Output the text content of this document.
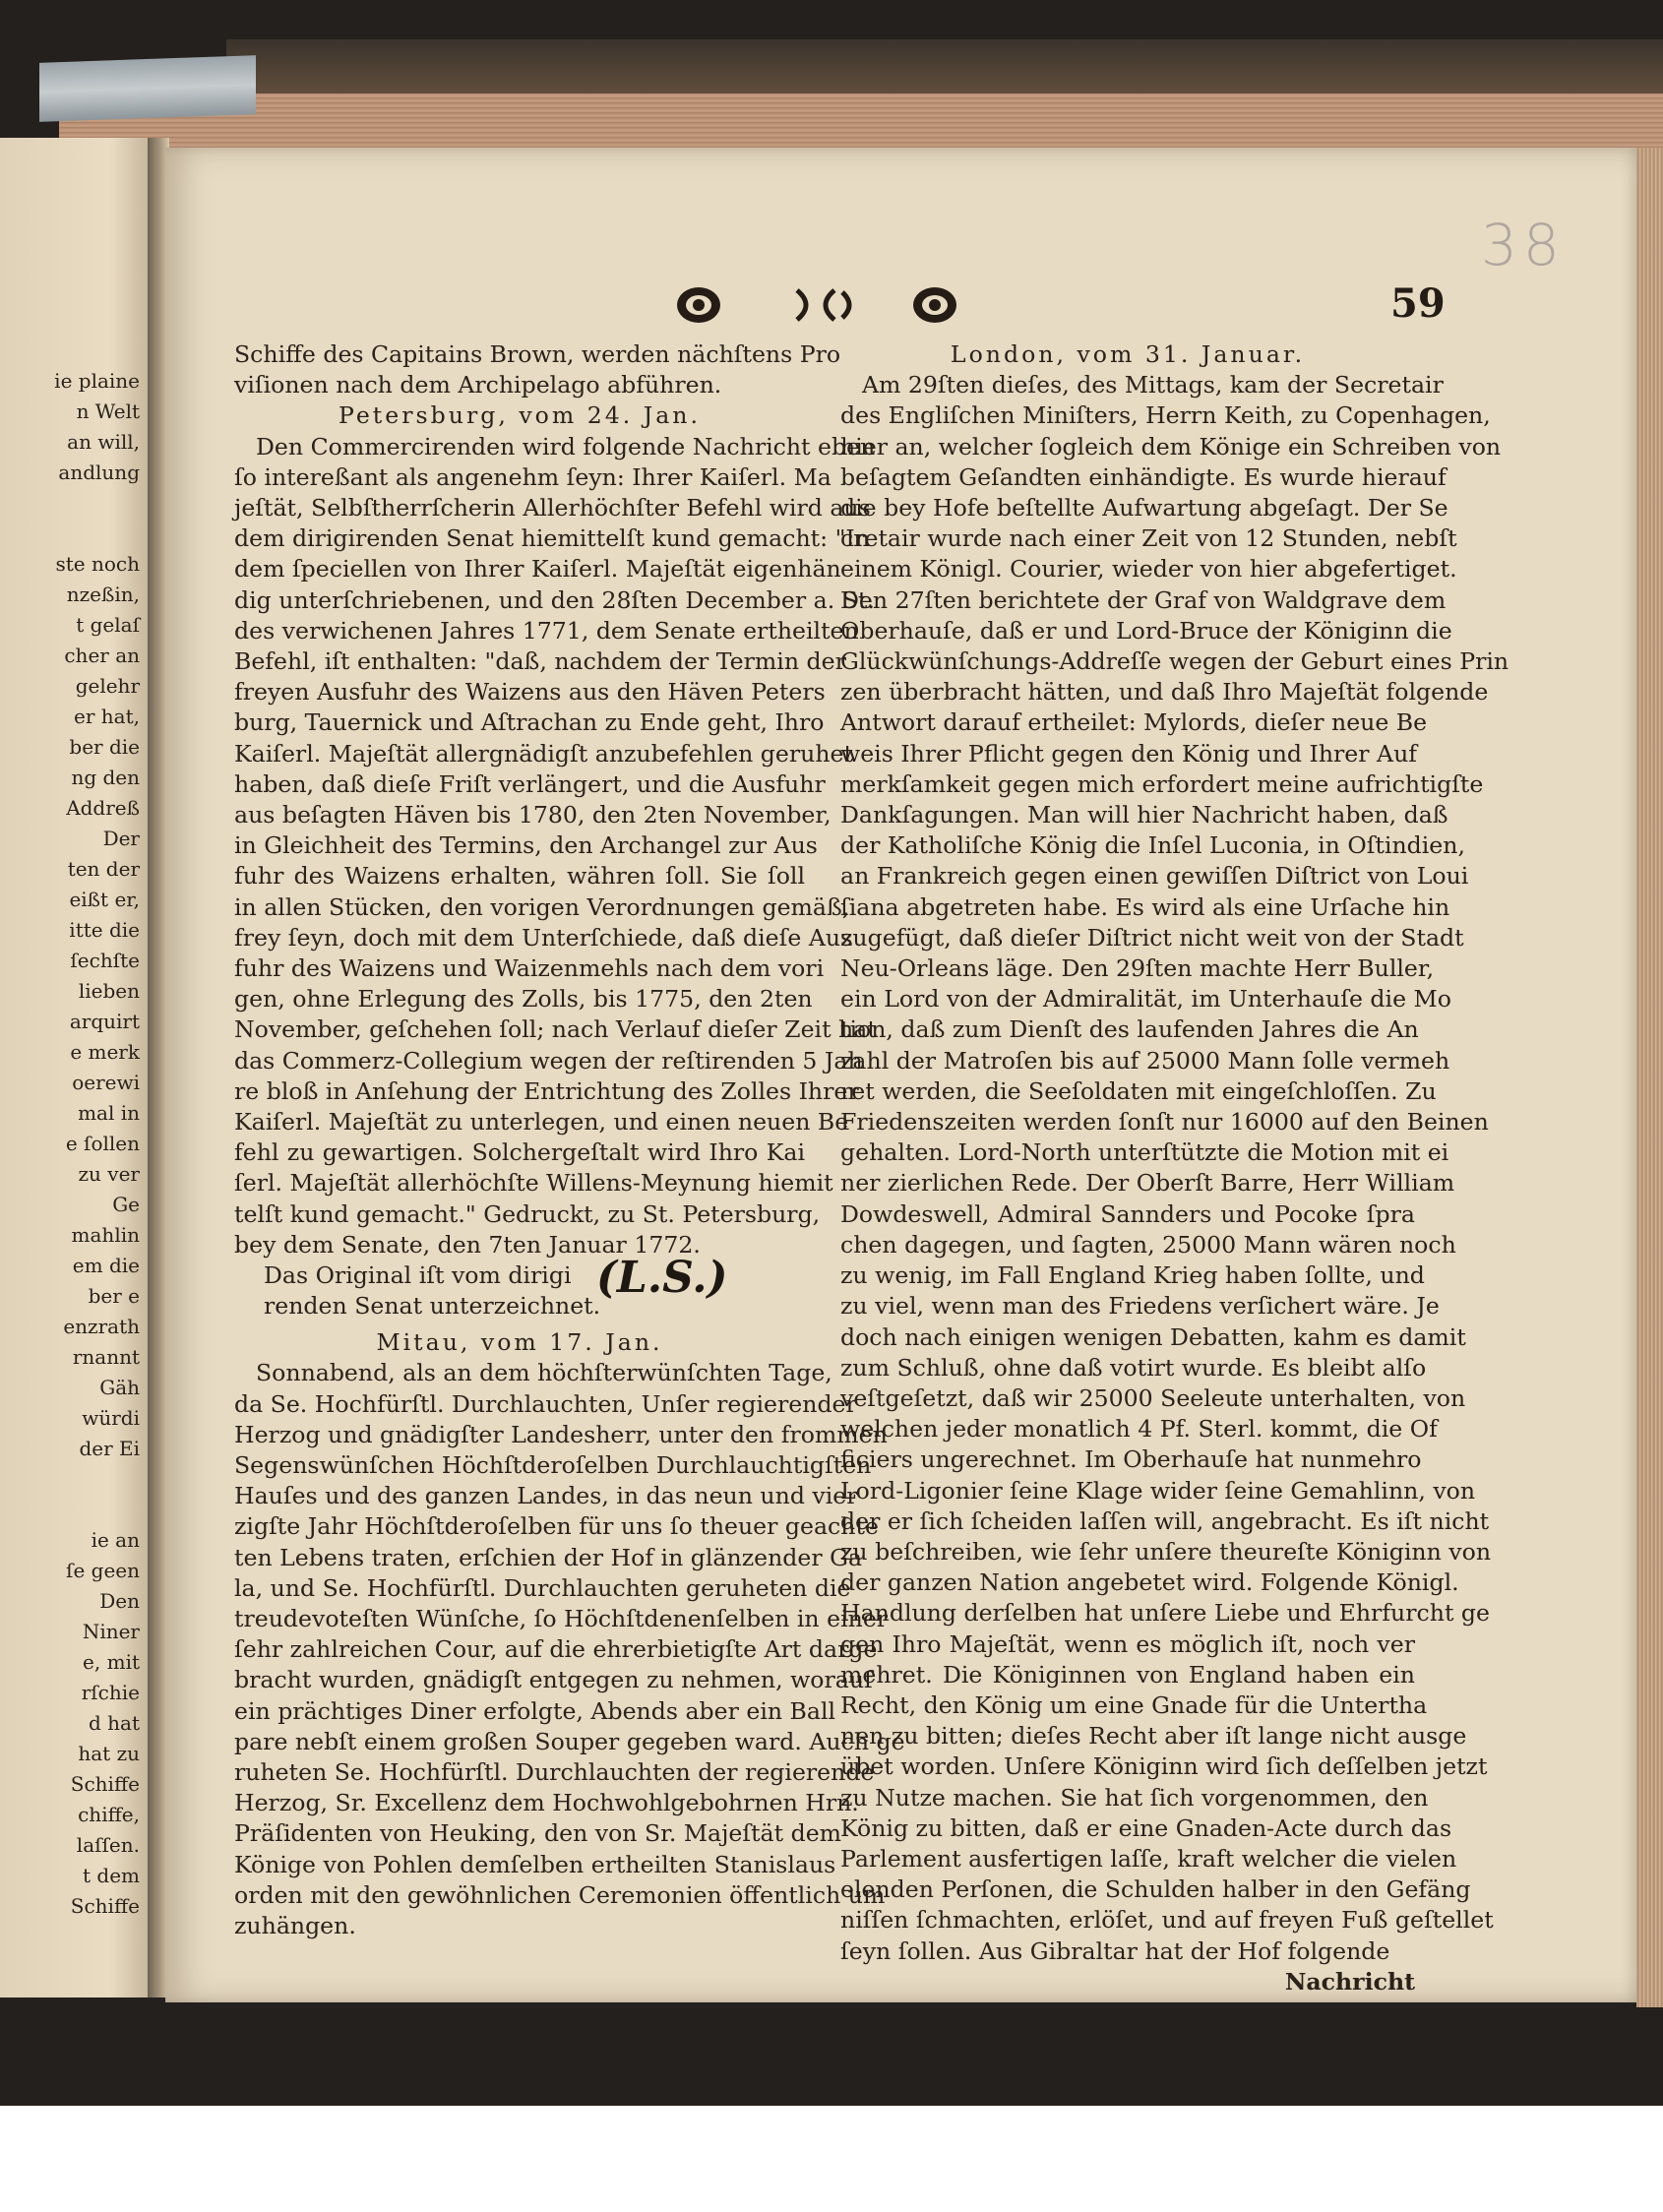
ie plaine
n Welt
an will,
andlung
ste noch
nzeßin,
t gelaſ
cher an
gelehr
er hat,
ber die
ng den
Addreß
Der
ten der
eißt er,
itte die
ſechſte
lieben
arquirt
e merk
oerewi
mal in
e ſollen
zu ver
Ge
mahlin
em die
ber e
enzrath
rnannt
Gäh
würdi
der Ei
ie an
ſe geen
Den
Niner
e, mit
rſchie
d hat
hat zu
Schiffe
chiffe,
laſſen.
t dem
Schiffe
38
59
Schiffe des Capitains Brown, werden nächſtens Pro
viſionen nach dem Archipelago abführen.
Petersburg, vom 24. Jan.
Den Commercirenden wird folgende Nachricht eben
ſo intereßant als angenehm ſeyn: Ihrer Kaiſerl. Ma
jeſtät, Selbſtherrſcherin Allerhöchſter Befehl wird aus
dem dirigirenden Senat hiemittelſt kund gemacht: "In
dem ſpeciellen von Ihrer Kaiſerl. Majeſtät eigenhän
dig unterſchriebenen, und den 28ſten December a. St.
des verwichenen Jahres 1771, dem Senate ertheilten
Befehl, iſt enthalten: "daß, nachdem der Termin der
freyen Ausfuhr des Waizens aus den Häven Peters
burg, Tauernick und Aſtrachan zu Ende geht, Ihro
Kaiſerl. Majeſtät allergnädigſt anzubefehlen geruhet
haben, daß dieſe Friſt verlängert, und die Ausfuhr
aus beſagten Häven bis 1780, den 2ten November,
in Gleichheit des Termins, den Archangel zur Aus
fuhr des Waizens erhalten, währen ſoll. Sie ſoll
in allen Stücken, den vorigen Verordnungen gemäß,
frey ſeyn, doch mit dem Unterſchiede, daß dieſe Aus
fuhr des Waizens und Waizenmehls nach dem vori
gen, ohne Erlegung des Zolls, bis 1775, den 2ten
November, geſchehen ſoll; nach Verlauf dieſer Zeit hat
das Commerz-Collegium wegen der reſtirenden 5 Jah
re bloß in Anſehung der Entrichtung des Zolles Ihrer
Kaiſerl. Majeſtät zu unterlegen, und einen neuen Be
fehl zu gewartigen. Solchergeſtalt wird Ihro Kai
ſerl. Majeſtät allerhöchſte Willens-Meynung hiemit
telſt kund gemacht." Gedruckt, zu St. Petersburg,
bey dem Senate, den 7ten Januar 1772.
Das Original iſt vom dirigi
renden Senat unterzeichnet.
(L.S.)
Mitau, vom 17. Jan.
Sonnabend, als an dem höchſterwünſchten Tage,
da Se. Hochfürſtl. Durchlauchten, Unſer regierender
Herzog und gnädigſter Landesherr, unter den frommen
Segenswünſchen Höchſtderoſelben Durchlauchtigſten
Hauſes und des ganzen Landes, in das neun und vier
zigſte Jahr Höchſtderoſelben für uns ſo theuer geachte
ten Lebens traten, erſchien der Hof in glänzender Ga
la, und Se. Hochfürſtl. Durchlauchten geruheten die
treudevoteſten Wünſche, ſo Höchſtdenenſelben in einer
ſehr zahlreichen Cour, auf die ehrerbietigſte Art darge
bracht wurden, gnädigſt entgegen zu nehmen, worauf
ein prächtiges Diner erfolgte, Abends aber ein Ball
pare nebſt einem großen Souper gegeben ward. Auch ge
ruheten Se. Hochfürſtl. Durchlauchten der regierende
Herzog, Sr. Excellenz dem Hochwohlgebohrnen Hrn.
Präſidenten von Heuking, den von Sr. Majeſtät dem
Könige von Pohlen demſelben ertheilten Stanislaus
orden mit den gewöhnlichen Ceremonien öffentlich um
zuhängen.
London, vom 31. Januar.
Am 29ſten dieſes, des Mittags, kam der Secretair
des Engliſchen Miniſters, Herrn Keith, zu Copenhagen,
hier an, welcher ſogleich dem Könige ein Schreiben von
beſagtem Geſandten einhändigte. Es wurde hierauf
die bey Hofe beſtellte Aufwartung abgeſagt. Der Se
cretair wurde nach einer Zeit von 12 Stunden, nebſt
einem Königl. Courier, wieder von hier abgefertiget.
Den 27ſten berichtete der Graf von Waldgrave dem
Oberhauſe, daß er und Lord-Bruce der Königinn die
Glückwünſchungs-Addreſſe wegen der Geburt eines Prin
zen überbracht hätten, und daß Ihro Majeſtät folgende
Antwort darauf ertheilet: Mylords, dieſer neue Be
weis Ihrer Pflicht gegen den König und Ihrer Auf
merkſamkeit gegen mich erfordert meine aufrichtigſte
Dankſagungen. Man will hier Nachricht haben, daß
der Katholiſche König die Inſel Luconia, in Oſtindien,
an Frankreich gegen einen gewiſſen Diſtrict von Loui
ſiana abgetreten habe. Es wird als eine Urſache hin
zugefügt, daß dieſer Diſtrict nicht weit von der Stadt
Neu-Orleans läge. Den 29ſten machte Herr Buller,
ein Lord von der Admiralität, im Unterhauſe die Mo
tion, daß zum Dienſt des laufenden Jahres die An
zahl der Matroſen bis auf 25000 Mann ſolle vermeh
ret werden, die Seeſoldaten mit eingeſchloſſen. Zu
Friedenszeiten werden ſonſt nur 16000 auf den Beinen
gehalten. Lord-North unterſtützte die Motion mit ei
ner zierlichen Rede. Der Oberſt Barre, Herr William
Dowdeswell, Admiral Sannders und Pocoke ſpra
chen dagegen, und ſagten, 25000 Mann wären noch
zu wenig, im Fall England Krieg haben ſollte, und
zu viel, wenn man des Friedens verſichert wäre. Je
doch nach einigen wenigen Debatten, kahm es damit
zum Schluß, ohne daß votirt wurde. Es bleibt alſo
veſtgeſetzt, daß wir 25000 Seeleute unterhalten, von
welchen jeder monatlich 4 Pf. Sterl. kommt, die Of
ficiers ungerechnet. Im Oberhauſe hat nunmehro
Lord-Ligonier ſeine Klage wider ſeine Gemahlinn, von
der er ſich ſcheiden laſſen will, angebracht. Es iſt nicht
zu beſchreiben, wie ſehr unſere theureſte Königinn von
der ganzen Nation angebetet wird. Folgende Königl.
Handlung derſelben hat unſere Liebe und Ehrfurcht ge
gen Ihro Majeſtät, wenn es möglich iſt, noch ver
mehret. Die Königinnen von England haben ein
Recht, den König um eine Gnade für die Untertha
nen zu bitten; dieſes Recht aber iſt lange nicht ausge
übet worden. Unſere Königinn wird ſich deſſelben jetzt
zu Nutze machen. Sie hat ſich vorgenommen, den
König zu bitten, daß er eine Gnaden-Acte durch das
Parlement ausfertigen laſſe, kraft welcher die vielen
elenden Perſonen, die Schulden halber in den Gefäng
niſſen ſchmachten, erlöſet, und auf freyen Fuß geſtellet
ſeyn ſollen. Aus Gibraltar hat der Hof folgende
Nachricht
